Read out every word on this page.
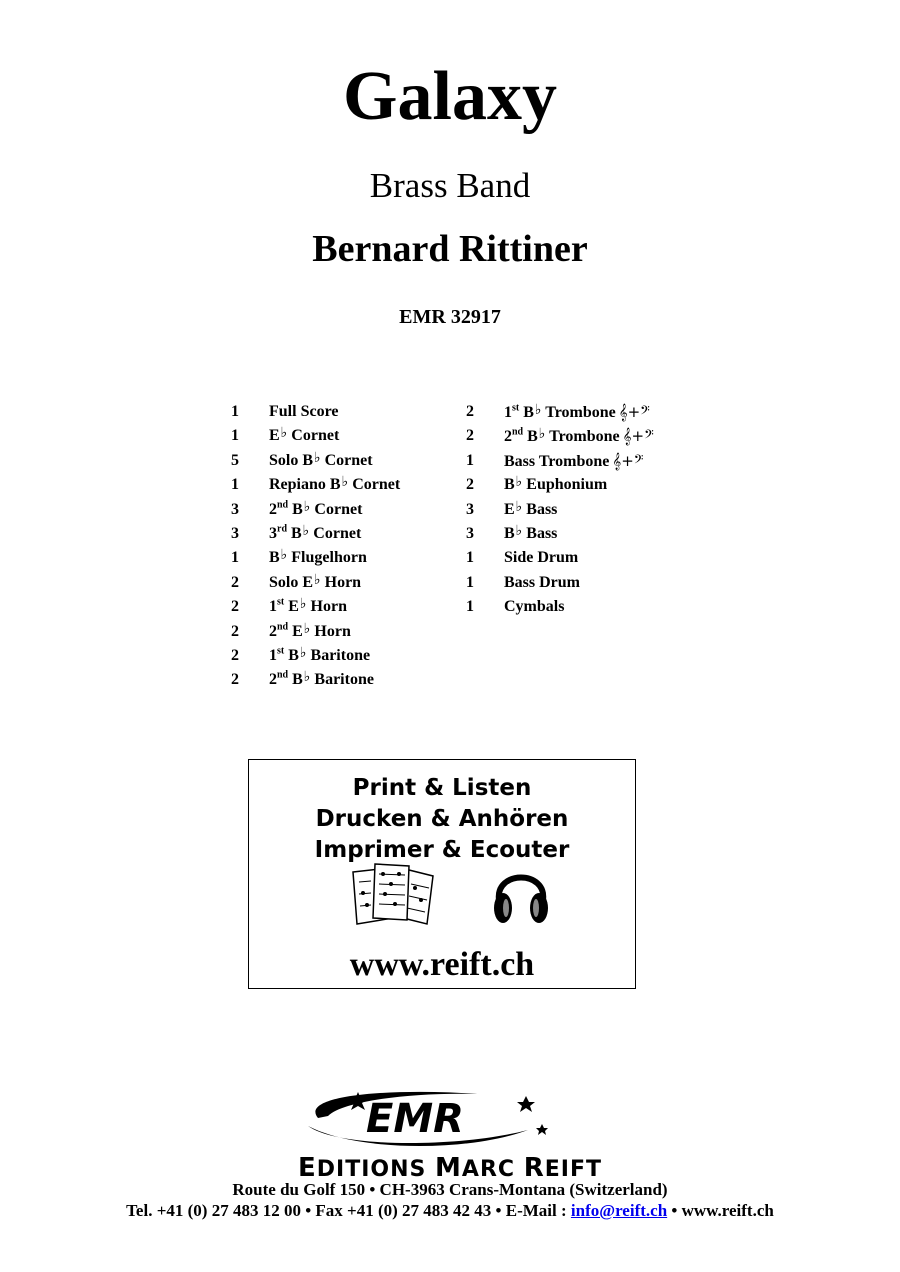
Galaxy
Brass Band
Bernard Rittiner
EMR 32917
1 Full Score
1 E♭ Cornet
5 Solo B♭ Cornet
1 Repiano B♭ Cornet
3 2nd B♭ Cornet
3 3rd B♭ Cornet
1 B♭ Flugelhorn
2 Solo E♭ Horn
2 1st E♭ Horn
2 2nd E♭ Horn
2 1st B♭ Baritone
2 2nd B♭ Baritone
2 1st B♭ Trombone 𝄞+𝄢
2 2nd B♭ Trombone 𝄞+𝄢
1 Bass Trombone 𝄞+𝄢
2 B♭ Euphonium
3 E♭ Bass
3 B♭ Bass
1 Side Drum
1 Bass Drum
1 Cymbals
Print & Listen
Drucken & Anhören
Imprimer & Ecouter
www.reift.ch
EMR
EDITIONS MARC REIFT
Route du Golf 150 • CH-3963 Crans-Montana (Switzerland)
Tel. +41 (0) 27 483 12 00 • Fax +41 (0) 27 483 42 43 • E-Mail : info@reift.ch • www.reift.ch
